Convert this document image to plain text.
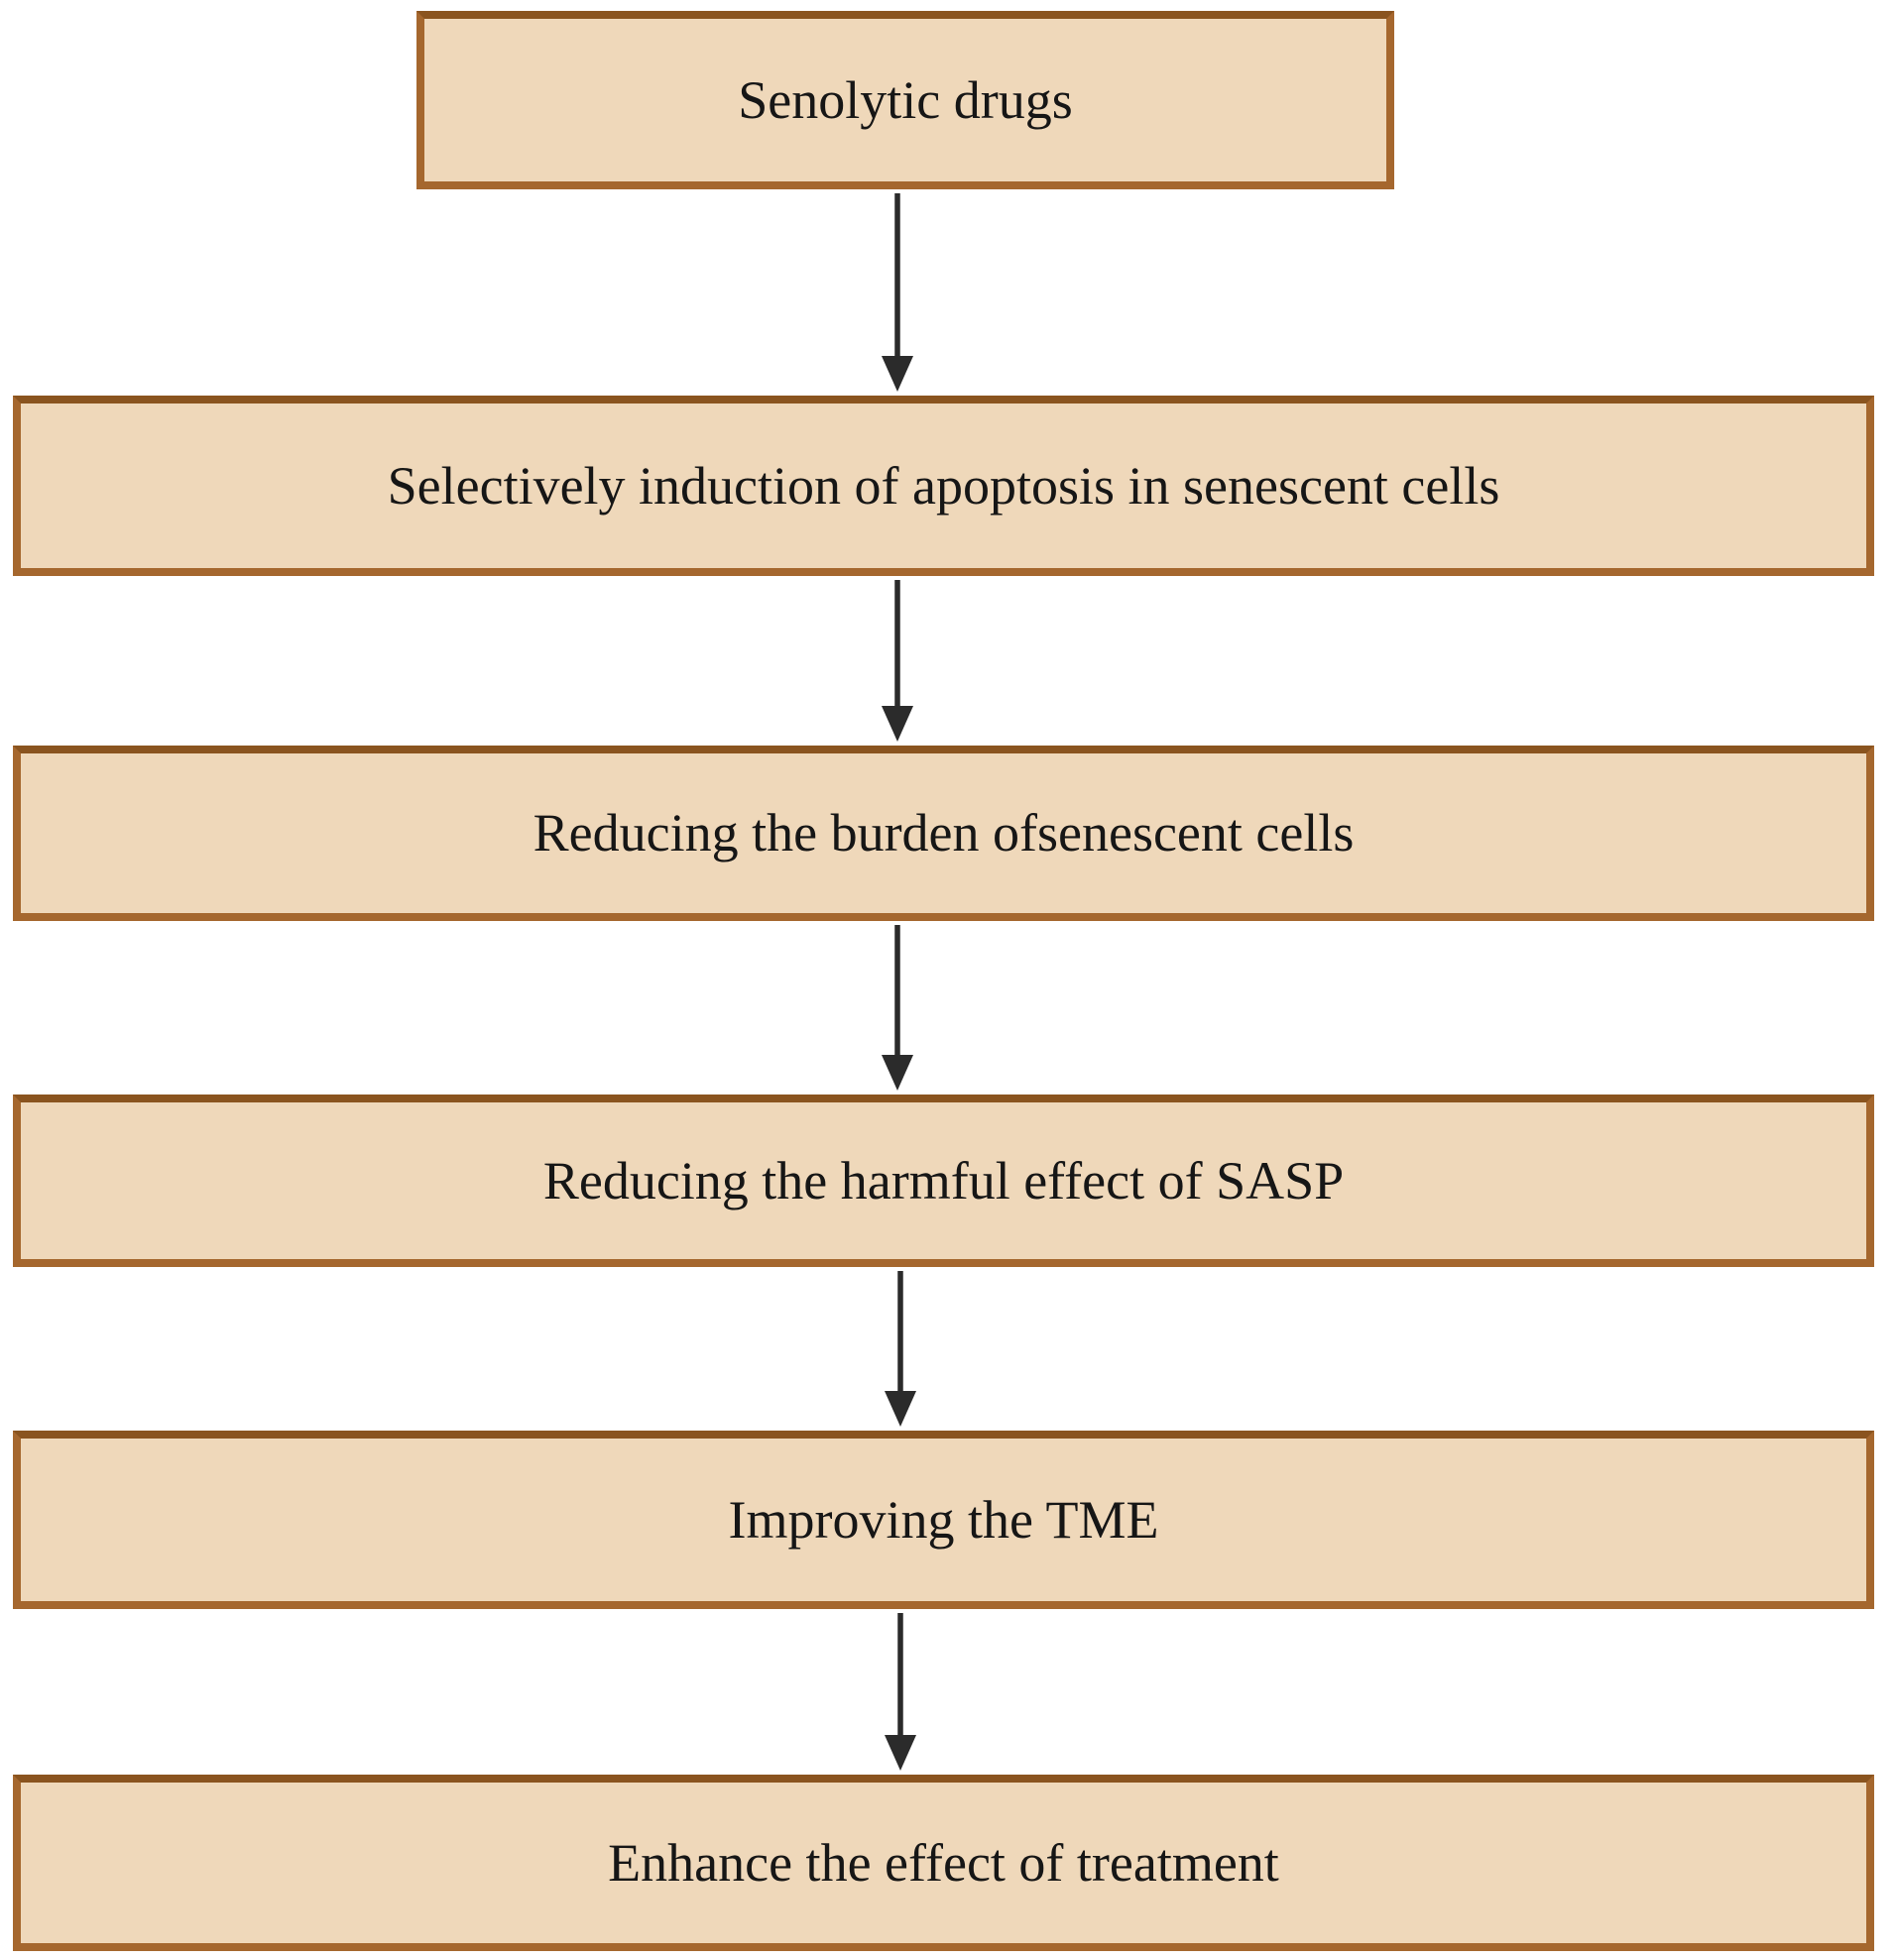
Senolytic drugs
Selectively induction of apoptosis in senescent cells
Reducing the burden ofsenescent cells
Reducing the harmful effect of SASP
Improving the TME
Enhance the effect of treatment
